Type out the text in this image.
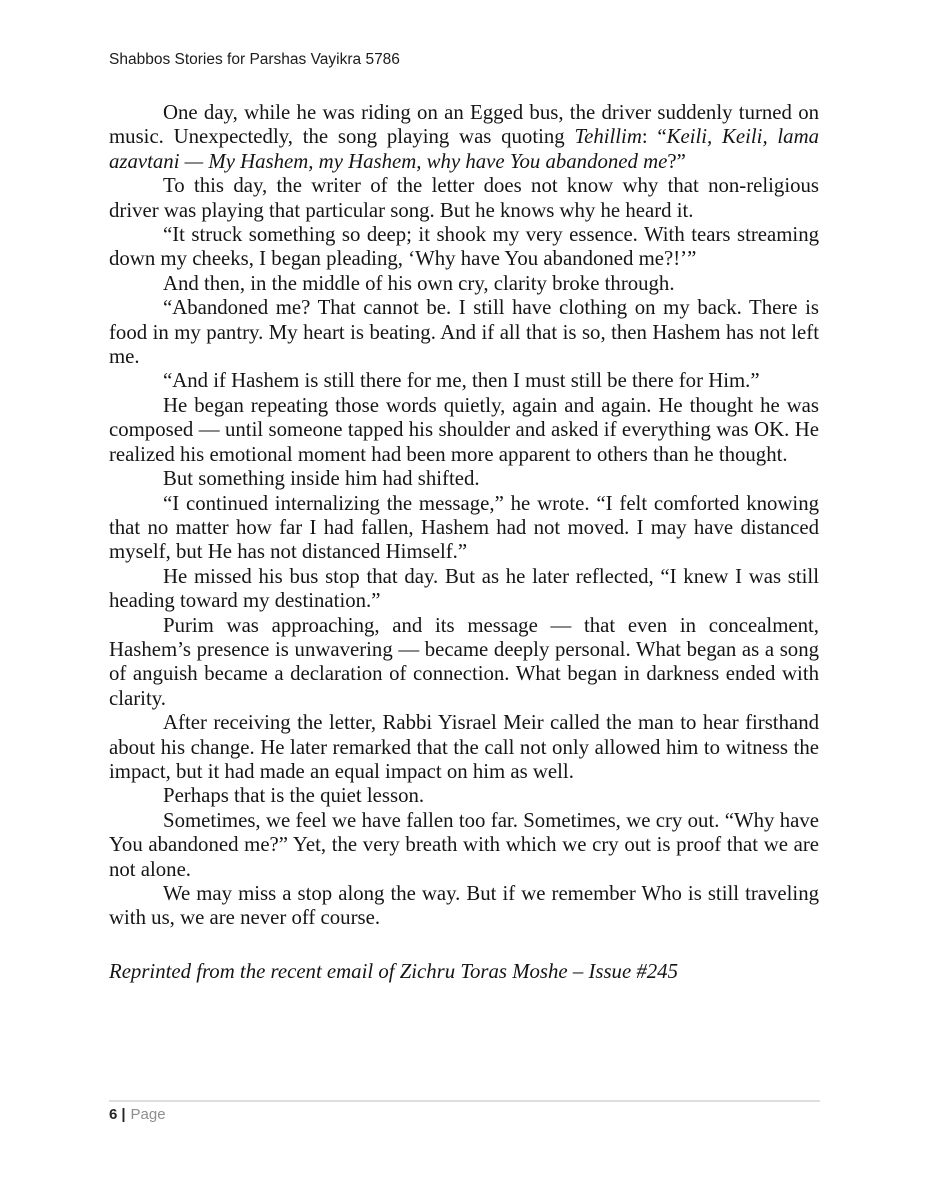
Shabbos Stories for Parshas Vayikra 5786

One day, while he was riding on an Egged bus, the driver suddenly turned on music. Unexpectedly, the song playing was quoting Tehillim: “Keili, Keili, lama azavtani — My Hashem, my Hashem, why have You abandoned me?”

To this day, the writer of the letter does not know why that non-religious driver was playing that particular song. But he knows why he heard it.

“It struck something so deep; it shook my very essence. With tears streaming down my cheeks, I began pleading, ‘Why have You abandoned me?!’”

And then, in the middle of his own cry, clarity broke through.

“Abandoned me? That cannot be. I still have clothing on my back. There is food in my pantry. My heart is beating. And if all that is so, then Hashem has not left me.

“And if Hashem is still there for me, then I must still be there for Him.”

He began repeating those words quietly, again and again. He thought he was composed — until someone tapped his shoulder and asked if everything was OK. He realized his emotional moment had been more apparent to others than he thought.

But something inside him had shifted.

“I continued internalizing the message,” he wrote. “I felt comforted knowing that no matter how far I had fallen, Hashem had not moved. I may have distanced myself, but He has not distanced Himself.”

He missed his bus stop that day. But as he later reflected, “I knew I was still heading toward my destination.”

Purim was approaching, and its message — that even in concealment, Hashem’s presence is unwavering — became deeply personal. What began as a song of anguish became a declaration of connection. What began in darkness ended with clarity.

After receiving the letter, Rabbi Yisrael Meir called the man to hear firsthand about his change. He later remarked that the call not only allowed him to witness the impact, but it had made an equal impact on him as well.

Perhaps that is the quiet lesson.

Sometimes, we feel we have fallen too far. Sometimes, we cry out. “Why have You abandoned me?” Yet, the very breath with which we cry out is proof that we are not alone.

We may miss a stop along the way. But if we remember Who is still traveling with us, we are never off course.

Reprinted from the recent email of Zichru Toras Moshe – Issue #245

6 | Page
